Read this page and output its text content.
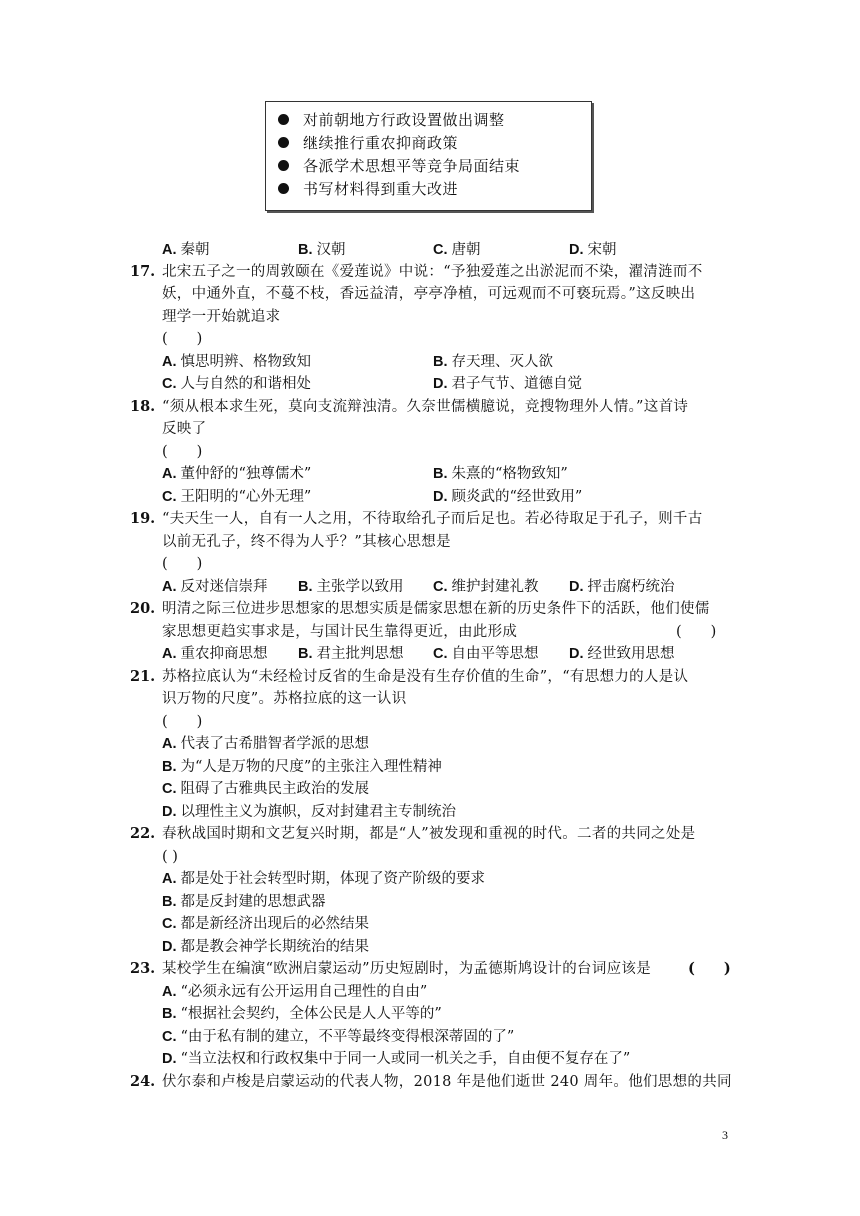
对前朝地方行政设置做出调整
继续推行重农抑商政策
各派学术思想平等竞争局面结束
书写材料得到重大改进
A. 秦朝	B. 汉朝	C. 唐朝	D. 宋朝
17. 北宋五子之一的周敦颐在《爱莲说》中说：“予独爱莲之出淤泥而不染，濯清涟而不
妖，中通外直，不蔓不枝，香远益清，亭亭净植，可远观而不可亵玩焉。”这反映出
理学一开始就追求
(　　)
A. 慎思明辨、格物致知	B. 存天理、灭人欲
C. 人与自然的和谐相处	D. 君子气节、道德自觉
18. “须从根本求生死，莫向支流辩浊清。久奈世儒横臆说，竞搜物理外人情。”这首诗
反映了
(　　)
A. 董仲舒的“独尊儒术”	B. 朱熹的“格物致知”
C. 王阳明的“心外无理”	D. 顾炎武的“经世致用”
19. “夫天生一人，自有一人之用，不待取给孔子而后足也。若必待取足于孔子，则千古
以前无孔子，终不得为人乎？”其核心思想是
(　　)
A. 反对迷信崇拜 B. 主张学以致用 C. 维护封建礼教 D. 抨击腐朽统治
20. 明清之际三位进步思想家的思想实质是儒家思想在新的历史条件下的活跃，他们使儒
家思想更趋实事求是，与国计民生靠得更近，由此形成	(　　)
A. 重农抑商思想 B. 君主批判思想 C. 自由平等思想 D. 经世致用思想
21. 苏格拉底认为“未经检讨反省的生命是没有生存价值的生命”，“有思想力的人是认
识万物的尺度”。苏格拉底的这一认识
(　　)
A. 代表了古希腊智者学派的思想
B. 为“人是万物的尺度”的主张注入理性精神
C. 阻碍了古雅典民主政治的发展
D. 以理性主义为旗帜，反对封建君主专制统治
22. 春秋战国时期和文艺复兴时期，都是“人”被发现和重视的时代。二者的共同之处是
( )
A. 都是处于社会转型时期，体现了资产阶级的要求
B. 都是反封建的思想武器
C. 都是新经济出现后的必然结果
D. 都是教会神学长期统治的结果
23. 某校学生在编演“欧洲启蒙运动”历史短剧时，为孟德斯鸠设计的台词应该是	(　　)
A. “必须永远有公开运用自己理性的自由”
B. “根据社会契约，全体公民是人人平等的”
C. “由于私有制的建立，不平等最终变得根深蒂固的了”
D. “当立法权和行政权集中于同一人或同一机关之手，自由便不复存在了”
24. 伏尔泰和卢梭是启蒙运动的代表人物，2018 年是他们逝世 240 周年。他们思想的共同
3
